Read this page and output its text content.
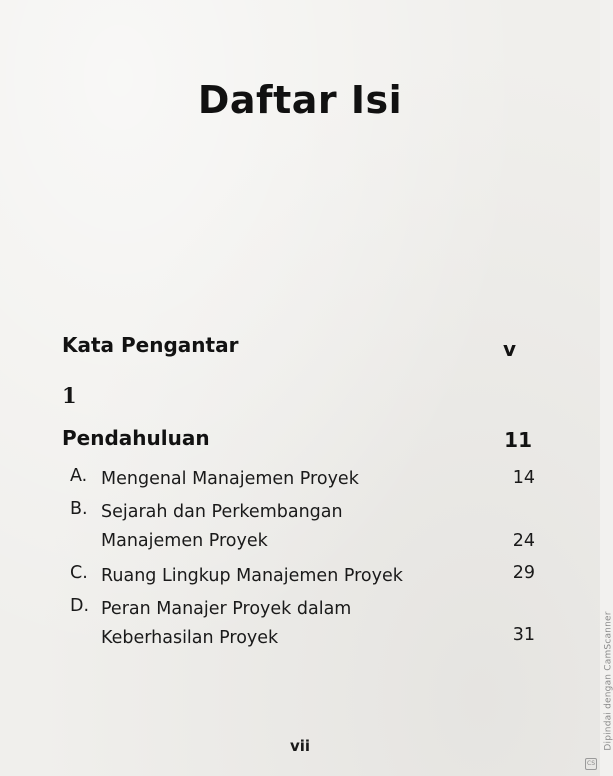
Daftar Isi
Kata Pengantar	v
1
Pendahuluan	11
A. Mengenal Manajemen Proyek	14
B. Sejarah dan Perkembangan
Manajemen Proyek	24
C. Ruang Lingkup Manajemen Proyek	29
D. Peran Manajer Proyek dalam
Keberhasilan Proyek	31
vii	Dipindai dengan CamScanner
CS
